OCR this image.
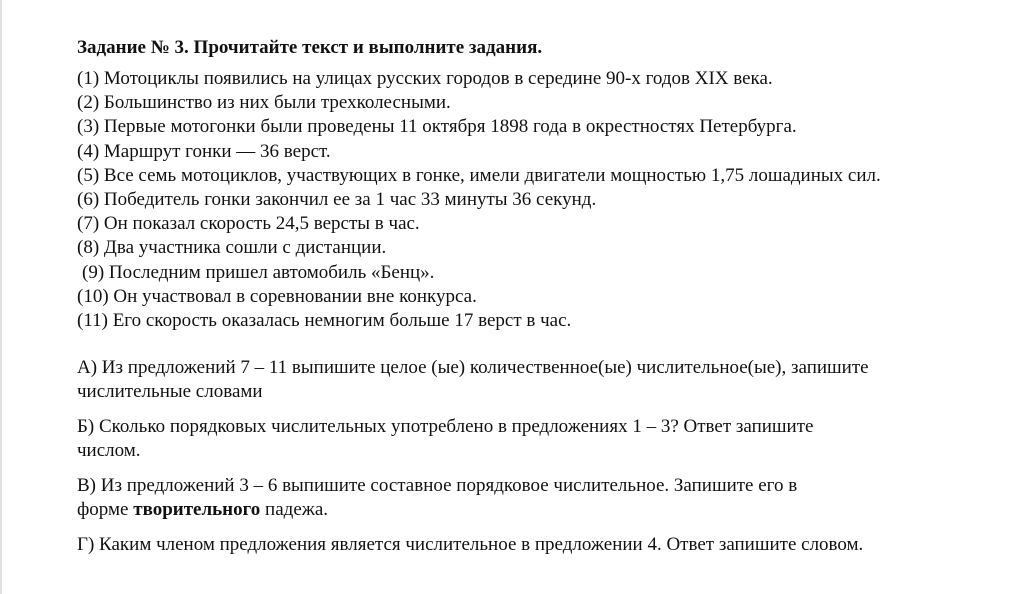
Задание № 3. Прочитайте текст и выполните задания.
(1) Мотоциклы появились на улицах русских городов в середине 90-х годов XIX века.
(2) Большинство из них были трехколесными.
(3) Первые мотогонки были проведены 11 октября 1898 года в окрестностях Петербурга.
(4) Маршрут гонки — 36 верст.
(5) Все семь мотоциклов, участвующих в гонке, имели двигатели мощностью 1,75 лошадиных сил.
(6) Победитель гонки закончил ее за 1 час 33 минуты 36 секунд.
(7) Он показал скорость 24,5 версты в час.
(8) Два участника сошли с дистанции.
(9) Последним пришел автомобиль «Бенц».
(10) Он участвовал в соревновании вне конкурса.
(11) Его скорость оказалась немногим больше 17 верст в час.
А) Из предложений 7 – 11 выпишите целое (ые) количественное(ые) числительное(ые), запишите
числительные словами
Б) Сколько порядковых числительных употреблено в предложениях 1 – 3? Ответ запишите
числом.
В) Из предложений 3 – 6 выпишите составное порядковое числительное. Запишите его в
форме творительного падежа.
Г) Каким членом предложения является числительное в предложении 4. Ответ запишите словом.
